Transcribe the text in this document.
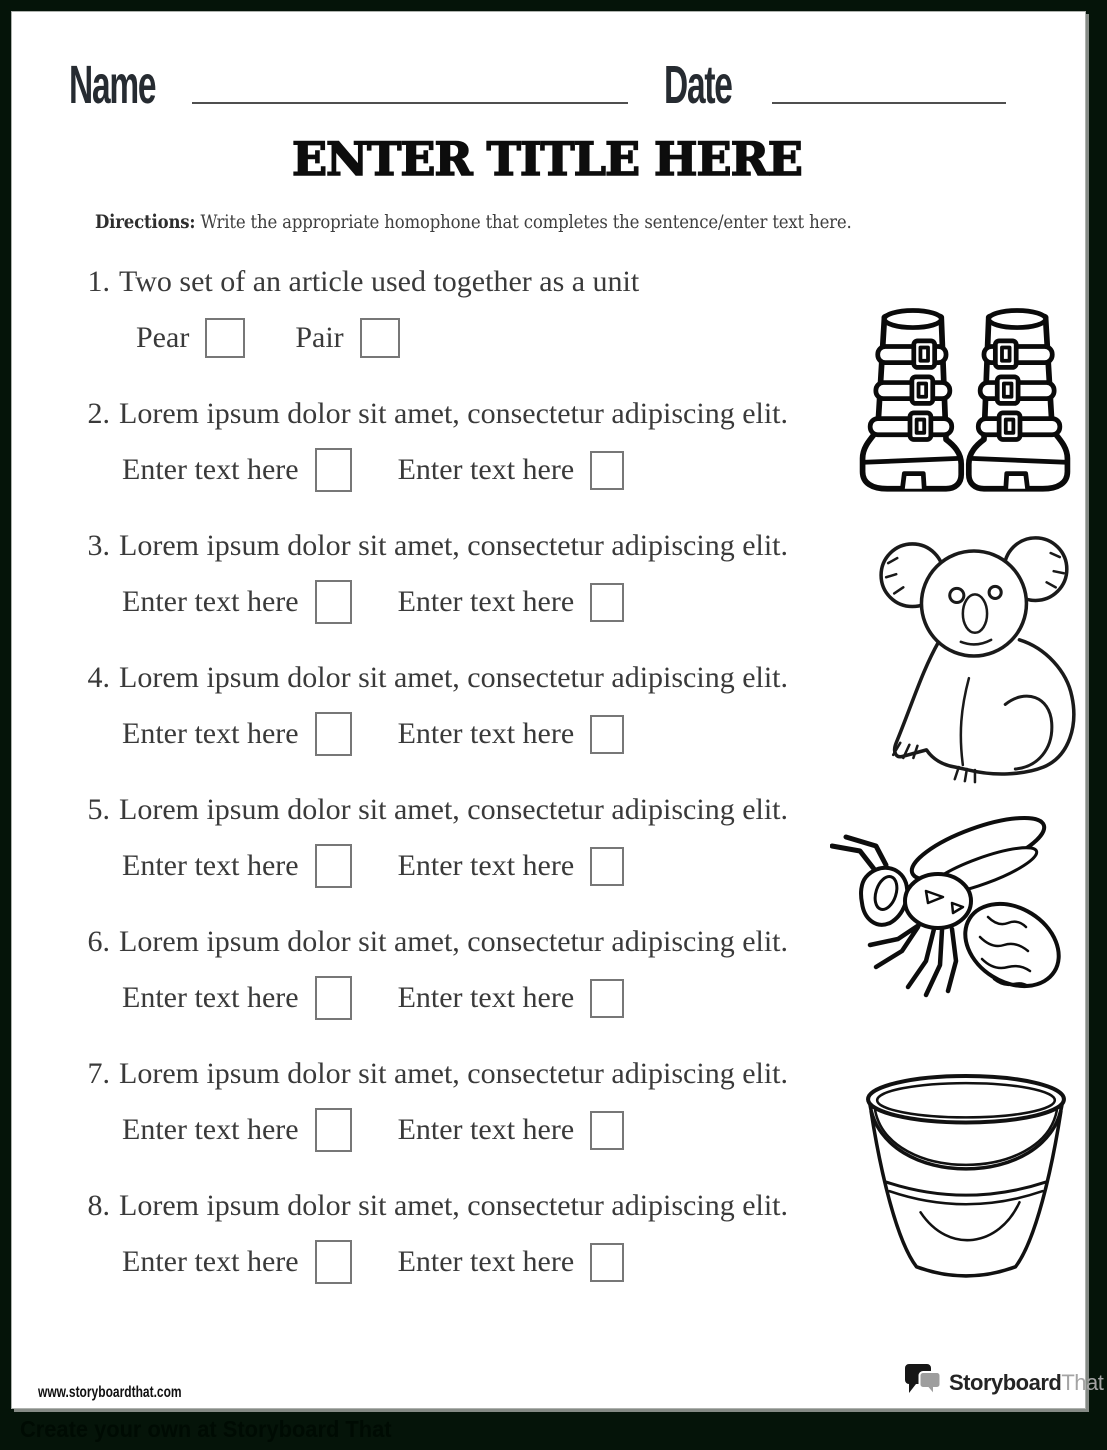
Name	Date
ENTER TITLE HERE
Directions: Write the appropriate homophone that completes the sentence/enter text here.
1. Two set of an article used together as a unit
Pear	Pair
2. Lorem ipsum dolor sit amet, consectetur adipiscing elit.
Enter text here	Enter text here
3. Lorem ipsum dolor sit amet, consectetur adipiscing elit.
Enter text here	Enter text here
4. Lorem ipsum dolor sit amet, consectetur adipiscing elit.
Enter text here	Enter text here
5. Lorem ipsum dolor sit amet, consectetur adipiscing elit.
Enter text here	Enter text here
6. Lorem ipsum dolor sit amet, consectetur adipiscing elit.
Enter text here	Enter text here
7. Lorem ipsum dolor sit amet, consectetur adipiscing elit.
Enter text here	Enter text here
8. Lorem ipsum dolor sit amet, consectetur adipiscing elit.
Enter text here	Enter text here
www.storyboardthat.com	StoryboardThat
Create your own at Storyboard That
